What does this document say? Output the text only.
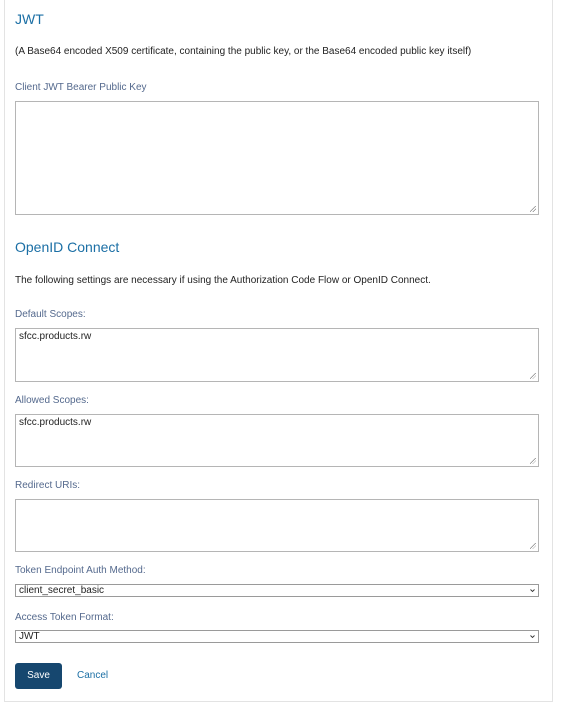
JWT
(A Base64 encoded X509 certificate, containing the public key, or the Base64 encoded public key itself)
Client JWT Bearer Public Key
OpenID Connect
The following settings are necessary if using the Authorization Code Flow or OpenID Connect.
Default Scopes:
sfcc.products.rw
Allowed Scopes:
sfcc.products.rw
Redirect URIs:
Token Endpoint Auth Method:
client_secret_basic
Access Token Format:
JWT
Save	Cancel
